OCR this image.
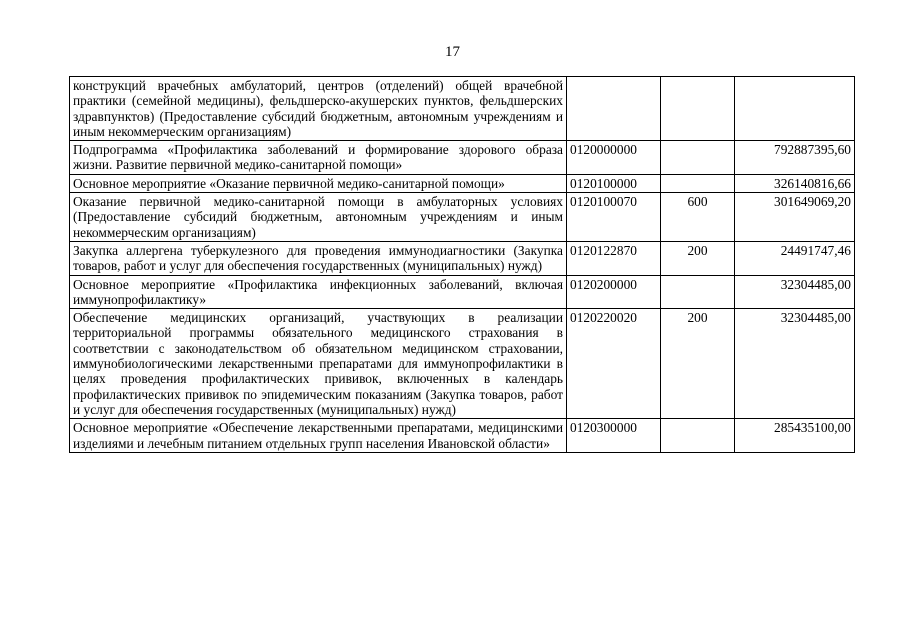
17
конструкций врачебных амбулаторий, центров (отделений) общей врачебной практики (семейной медицины), фельдшерско-акушерских пунктов, фельдшерских здравпунктов) (Предоставление субсидий бюджетным, автономным учреждениям и иным некоммерческим организациям)			
Подпрограмма «Профилактика заболеваний и формирование здорового образа жизни. Развитие первичной медико-санитарной помощи»	0120000000		792887395,60
Основное мероприятие «Оказание первичной медико-санитарной помощи»	0120100000		326140816,66
Оказание первичной медико-санитарной помощи в амбулаторных условиях (Предоставление субсидий бюджетным, автономным учреждениям и иным некоммерческим организациям)	0120100070	600	301649069,20
Закупка аллергена туберкулезного для проведения иммунодиагностики (Закупка товаров, работ и услуг для обеспечения государственных (муниципальных) нужд)	0120122870	200	24491747,46
Основное мероприятие «Профилактика инфекционных заболеваний, включая иммунопрофилактику»	0120200000		32304485,00
Обеспечение медицинских организаций, участвующих в реализации территориальной программы обязательного медицинского страхования в соответствии с законодательством об обязательном медицинском страховании, иммунобиологическими лекарственными препаратами для иммунопрофилактики в целях проведения профилактических прививок, включенных в календарь профилактических прививок по эпидемическим показаниям (Закупка товаров, работ и услуг для обеспечения государственных (муниципальных) нужд)	0120220020	200	32304485,00
Основное мероприятие «Обеспечение лекарственными препаратами, медицинскими изделиями и лечебным питанием отдельных групп населения Ивановской области»	0120300000		285435100,00
